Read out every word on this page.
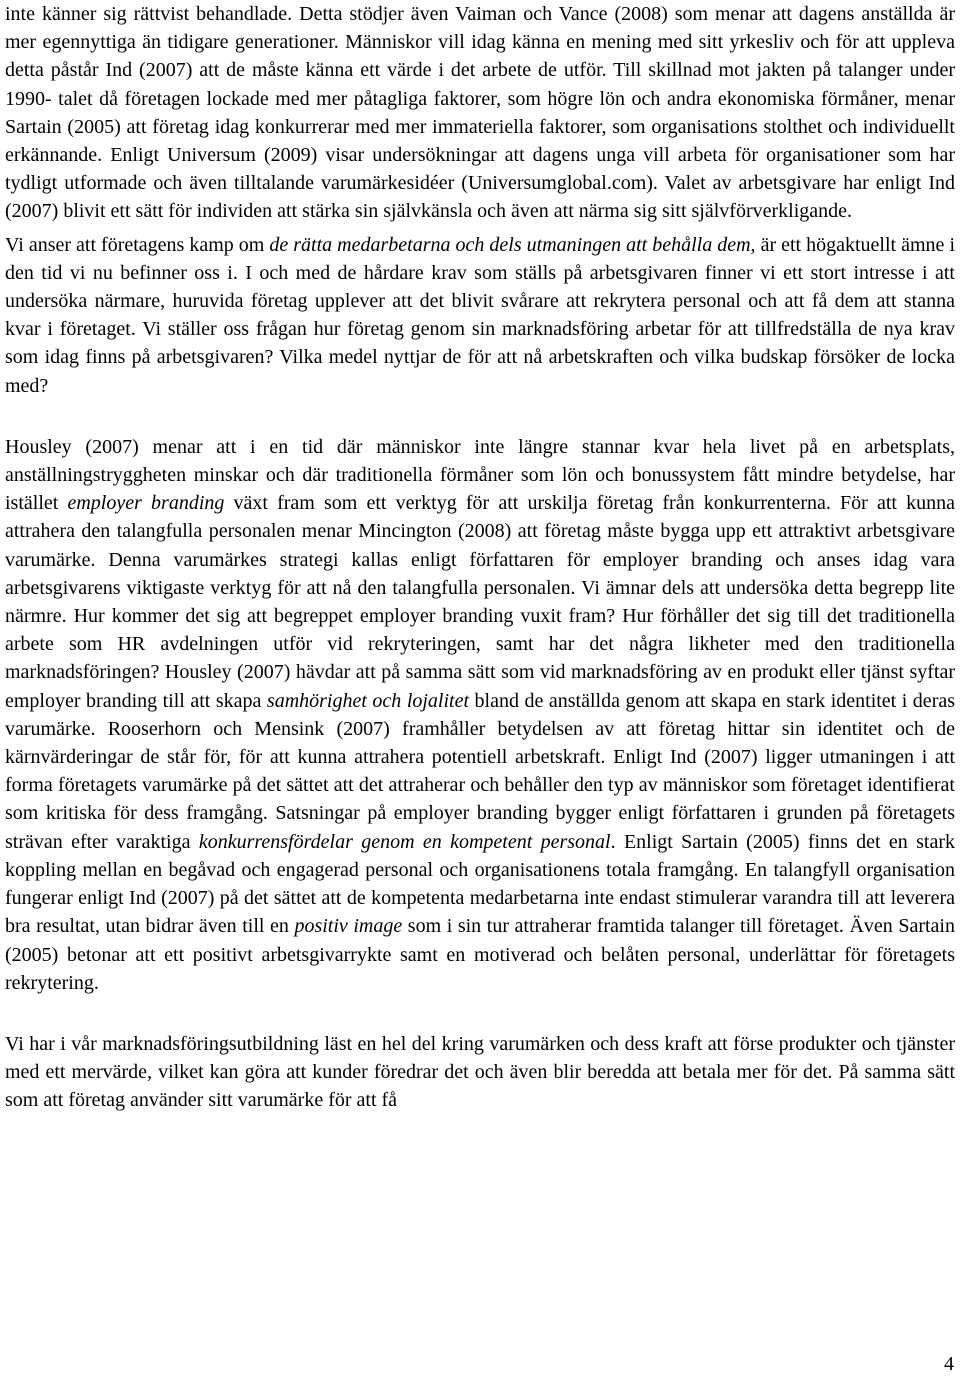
inte känner sig rättvist behandlade. Detta stödjer även Vaiman och Vance (2008) som menar att dagens anställda är mer egennyttiga än tidigare generationer. Människor vill idag känna en mening med sitt yrkesliv och för att uppleva detta påstår Ind (2007) att de måste känna ett värde i det arbete de utför. Till skillnad mot jakten på talanger under 1990- talet då företagen lockade med mer påtagliga faktorer, som högre lön och andra ekonomiska förmåner, menar Sartain (2005) att företag idag konkurrerar med mer immateriella faktorer, som organisations stolthet och individuellt erkännande. Enligt Universum (2009) visar undersökningar att dagens unga vill arbeta för organisationer som har tydligt utformade och även tilltalande varumärkesidéer (Universumglobal.com). Valet av arbetsgivare har enligt Ind (2007) blivit ett sätt för individen att stärka sin självkänsla och även att närma sig sitt självförverkligande.

Vi anser att företagens kamp om de rätta medarbetarna och dels utmaningen att behålla dem, är ett högaktuellt ämne i den tid vi nu befinner oss i. I och med de hårdare krav som ställs på arbetsgivaren finner vi ett stort intresse i att undersöka närmare, huruvida företag upplever att det blivit svårare att rekrytera personal och att få dem att stanna kvar i företaget. Vi ställer oss frågan hur företag genom sin marknadsföring arbetar för att tillfredställa de nya krav som idag finns på arbetsgivaren? Vilka medel nyttjar de för att nå arbetskraften och vilka budskap försöker de locka med?

Housley (2007) menar att i en tid där människor inte längre stannar kvar hela livet på en arbetsplats, anställningstryggheten minskar och där traditionella förmåner som lön och bonussystem fått mindre betydelse, har istället employer branding växt fram som ett verktyg för att urskilja företag från konkurrenterna. För att kunna attrahera den talangfulla personalen menar Mincington (2008) att företag måste bygga upp ett attraktivt arbetsgivare varumärke. Denna varumärkes strategi kallas enligt författaren för employer branding och anses idag vara arbetsgivarens viktigaste verktyg för att nå den talangfulla personalen. Vi ämnar dels att undersöka detta begrepp lite närmre. Hur kommer det sig att begreppet employer branding vuxit fram? Hur förhåller det sig till det traditionella arbete som HR avdelningen utför vid rekryteringen, samt har det några likheter med den traditionella marknadsföringen? Housley (2007) hävdar att på samma sätt som vid marknadsföring av en produkt eller tjänst syftar employer branding till att skapa samhörighet och lojalitet bland de anställda genom att skapa en stark identitet i deras varumärke. Rooserhorn och Mensink (2007) framhåller betydelsen av att företag hittar sin identitet och de kärnvärderingar de står för, för att kunna attrahera potentiell arbetskraft. Enligt Ind (2007) ligger utmaningen i att forma företagets varumärke på det sättet att det attraherar och behåller den typ av människor som företaget identifierat som kritiska för dess framgång. Satsningar på employer branding bygger enligt författaren i grunden på företagets strävan efter varaktiga konkurrensfördelar genom en kompetent personal. Enligt Sartain (2005) finns det en stark koppling mellan en begåvad och engagerad personal och organisationens totala framgång. En talangfyll organisation fungerar enligt Ind (2007) på det sättet att de kompetenta medarbetarna inte endast stimulerar varandra till att leverera bra resultat, utan bidrar även till en positiv image som i sin tur attraherar framtida talanger till företaget. Även Sartain (2005) betonar att ett positivt arbetsgivarrykte samt en motiverad och belåten personal, underlättar för företagets rekrytering.

Vi har i vår marknadsföringsutbildning läst en hel del kring varumärken och dess kraft att förse produkter och tjänster med ett mervärde, vilket kan göra att kunder föredrar det och även blir beredda att betala mer för det. På samma sätt som att företag använder sitt varumärke för att få

4
